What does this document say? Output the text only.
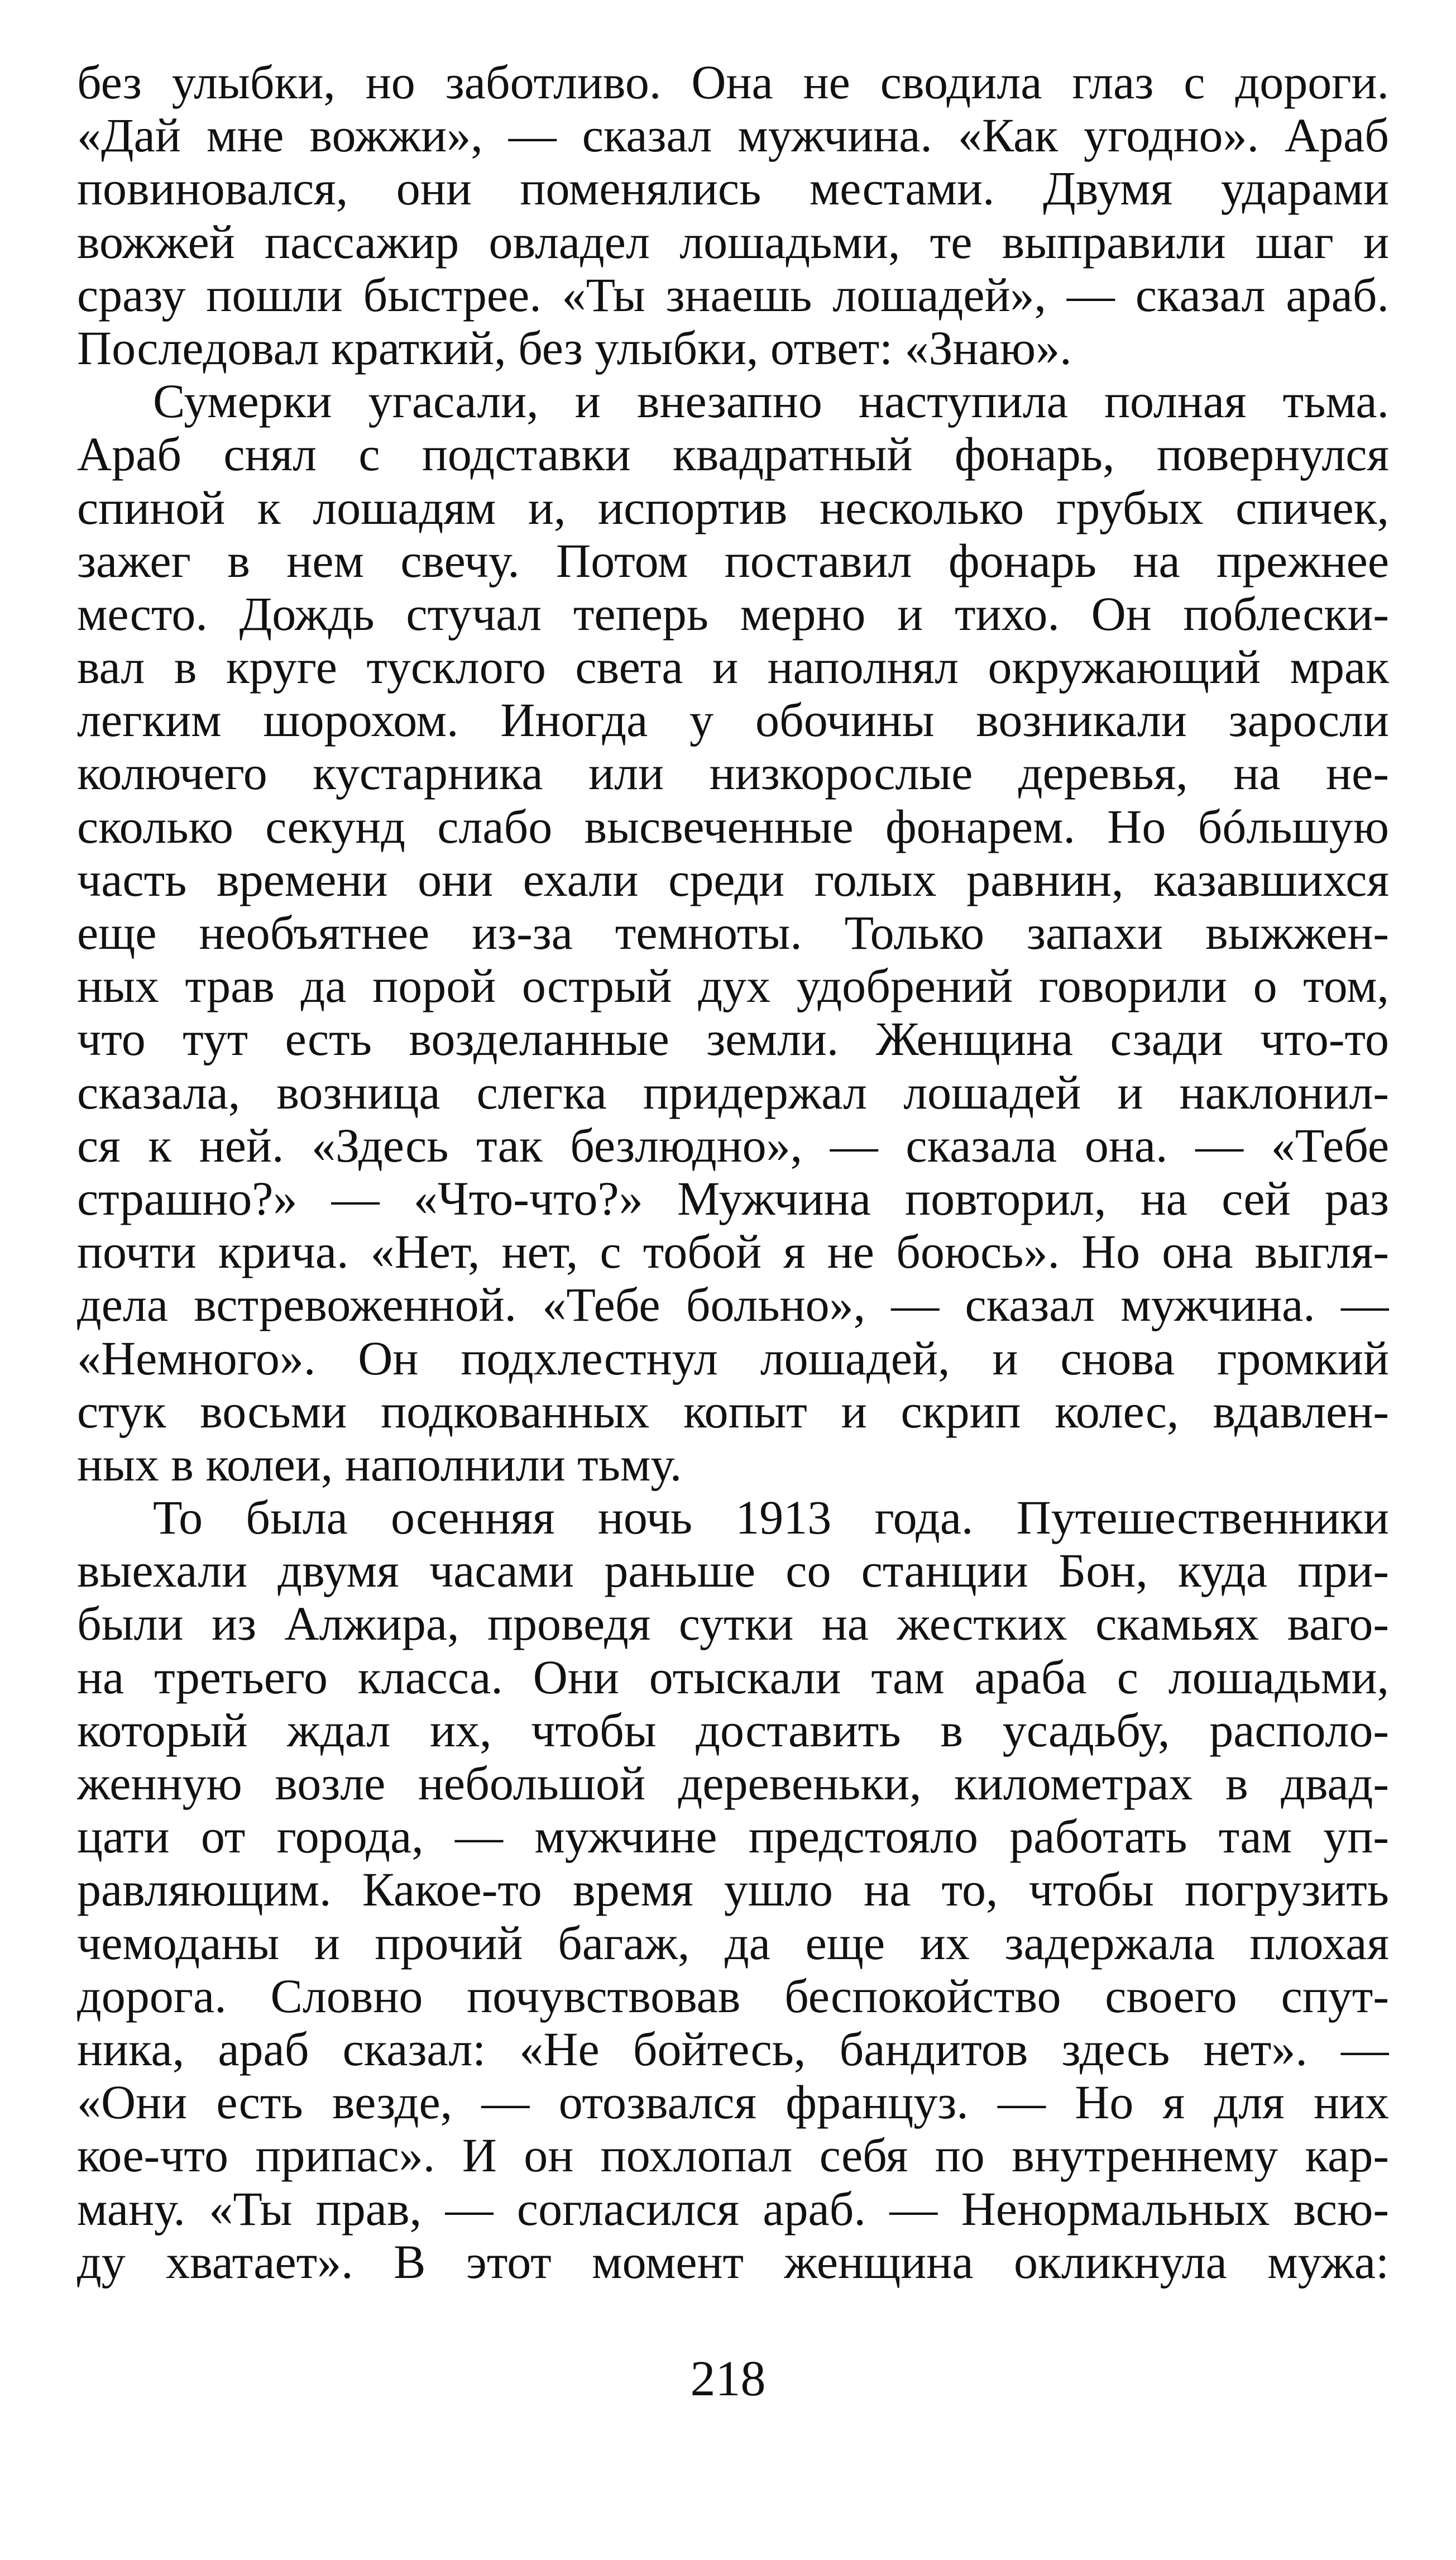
без улыбки, но заботливо. Она не сводила глаз с дороги.
«Дай мне вожжи», — сказал мужчина. «Как угодно». Араб
повиновался, они поменялись местами. Двумя ударами
вожжей пассажир овладел лошадьми, те выправили шаг и
сразу пошли быстрее. «Ты знаешь лошадей», — сказал араб.
Последовал краткий, без улыбки, ответ: «Знаю».
Сумерки угасали, и внезапно наступила полная тьма.
Араб снял с подставки квадратный фонарь, повернулся
спиной к лошадям и, испортив несколько грубых спичек,
зажег в нем свечу. Потом поставил фонарь на прежнее
место. Дождь стучал теперь мерно и тихо. Он поблески-
вал в круге тусклого света и наполнял окружающий мрак
легким шорохом. Иногда у обочины возникали заросли
колючего кустарника или низкорослые деревья, на не-
сколько секунд слабо высвеченные фонарем. Но бóльшую
часть времени они ехали среди голых равнин, казавшихся
еще необъятнее из-за темноты. Только запахи выжжен-
ных трав да порой острый дух удобрений говорили о том,
что тут есть возделанные земли. Женщина сзади что-то
сказала, возница слегка придержал лошадей и наклонил-
ся к ней. «Здесь так безлюдно», — сказала она. — «Тебе
страшно?» — «Что-что?» Мужчина повторил, на сей раз
почти крича. «Нет, нет, с тобой я не боюсь». Но она выгля-
дела встревоженной. «Тебе больно», — сказал мужчина. —
«Немного». Он подхлестнул лошадей, и снова громкий
стук восьми подкованных копыт и скрип колес, вдавлен-
ных в колеи, наполнили тьму.
То была осенняя ночь 1913 года. Путешественники
выехали двумя часами раньше со станции Бон, куда при-
были из Алжира, проведя сутки на жестких скамьях ваго-
на третьего класса. Они отыскали там араба с лошадьми,
который ждал их, чтобы доставить в усадьбу, располо-
женную возле небольшой деревеньки, километрах в двад-
цати от города, — мужчине предстояло работать там уп-
равляющим. Какое-то время ушло на то, чтобы погрузить
чемоданы и прочий багаж, да еще их задержала плохая
дорога. Словно почувствовав беспокойство своего спут-
ника, араб сказал: «Не бойтесь, бандитов здесь нет». —
«Они есть везде, — отозвался француз. — Но я для них
кое-что припас». И он похлопал себя по внутреннему кар-
ману. «Ты прав, — согласился араб. — Ненормальных всю-
ду хватает». В этот момент женщина окликнула мужа:
218
